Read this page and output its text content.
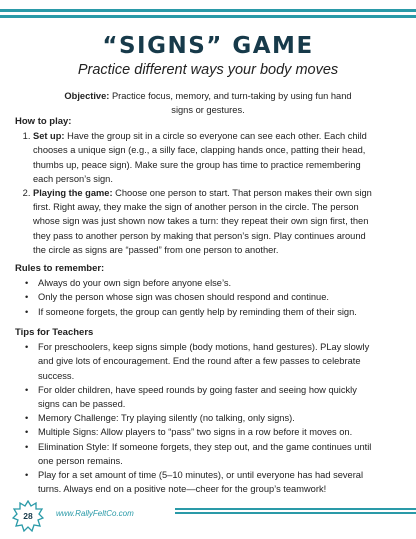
“SIGNS” GAME
Practice different ways your body moves
Objective: Practice focus, memory, and turn-taking by using fun hand signs or gestures.
How to play:
1. Set up: Have the group sit in a circle so everyone can see each other. Each child chooses a unique sign (e.g., a silly face, clapping hands once, patting their head, thumbs up, peace sign). Make sure the group has time to practice remembering each person’s sign.
2. Playing the game: Choose one person to start. That person makes their own sign first. Right away, they make the sign of another person in the circle. The person whose sign was just shown now takes a turn: they repeat their own sign first, then they pass to another person by making that person’s sign. Play continues around the circle as signs are “passed” from one person to another.
Rules to remember:
• Always do your own sign before anyone else’s.
• Only the person whose sign was chosen should respond and continue.
• If someone forgets, the group can gently help by reminding them of their sign.
Tips for Teachers
• For preschoolers, keep signs simple (body motions, hand gestures). PLay slowly and give lots of encouragement. End the round after a few passes to celebrate success.
• For older children, have speed rounds by going faster and seeing how quickly signs can be passed.
• Memory Challenge: Try playing silently (no talking, only signs).
• Multiple Signs: Allow players to “pass” two signs in a row before it moves on.
• Elimination Style: If someone forgets, they step out, and the game continues until one person remains.
• Play for a set amount of time (5–10 minutes), or until everyone has had several turns. Always end on a positive note—cheer for the group’s teamwork!
28	www.RallyFeltCo.com
